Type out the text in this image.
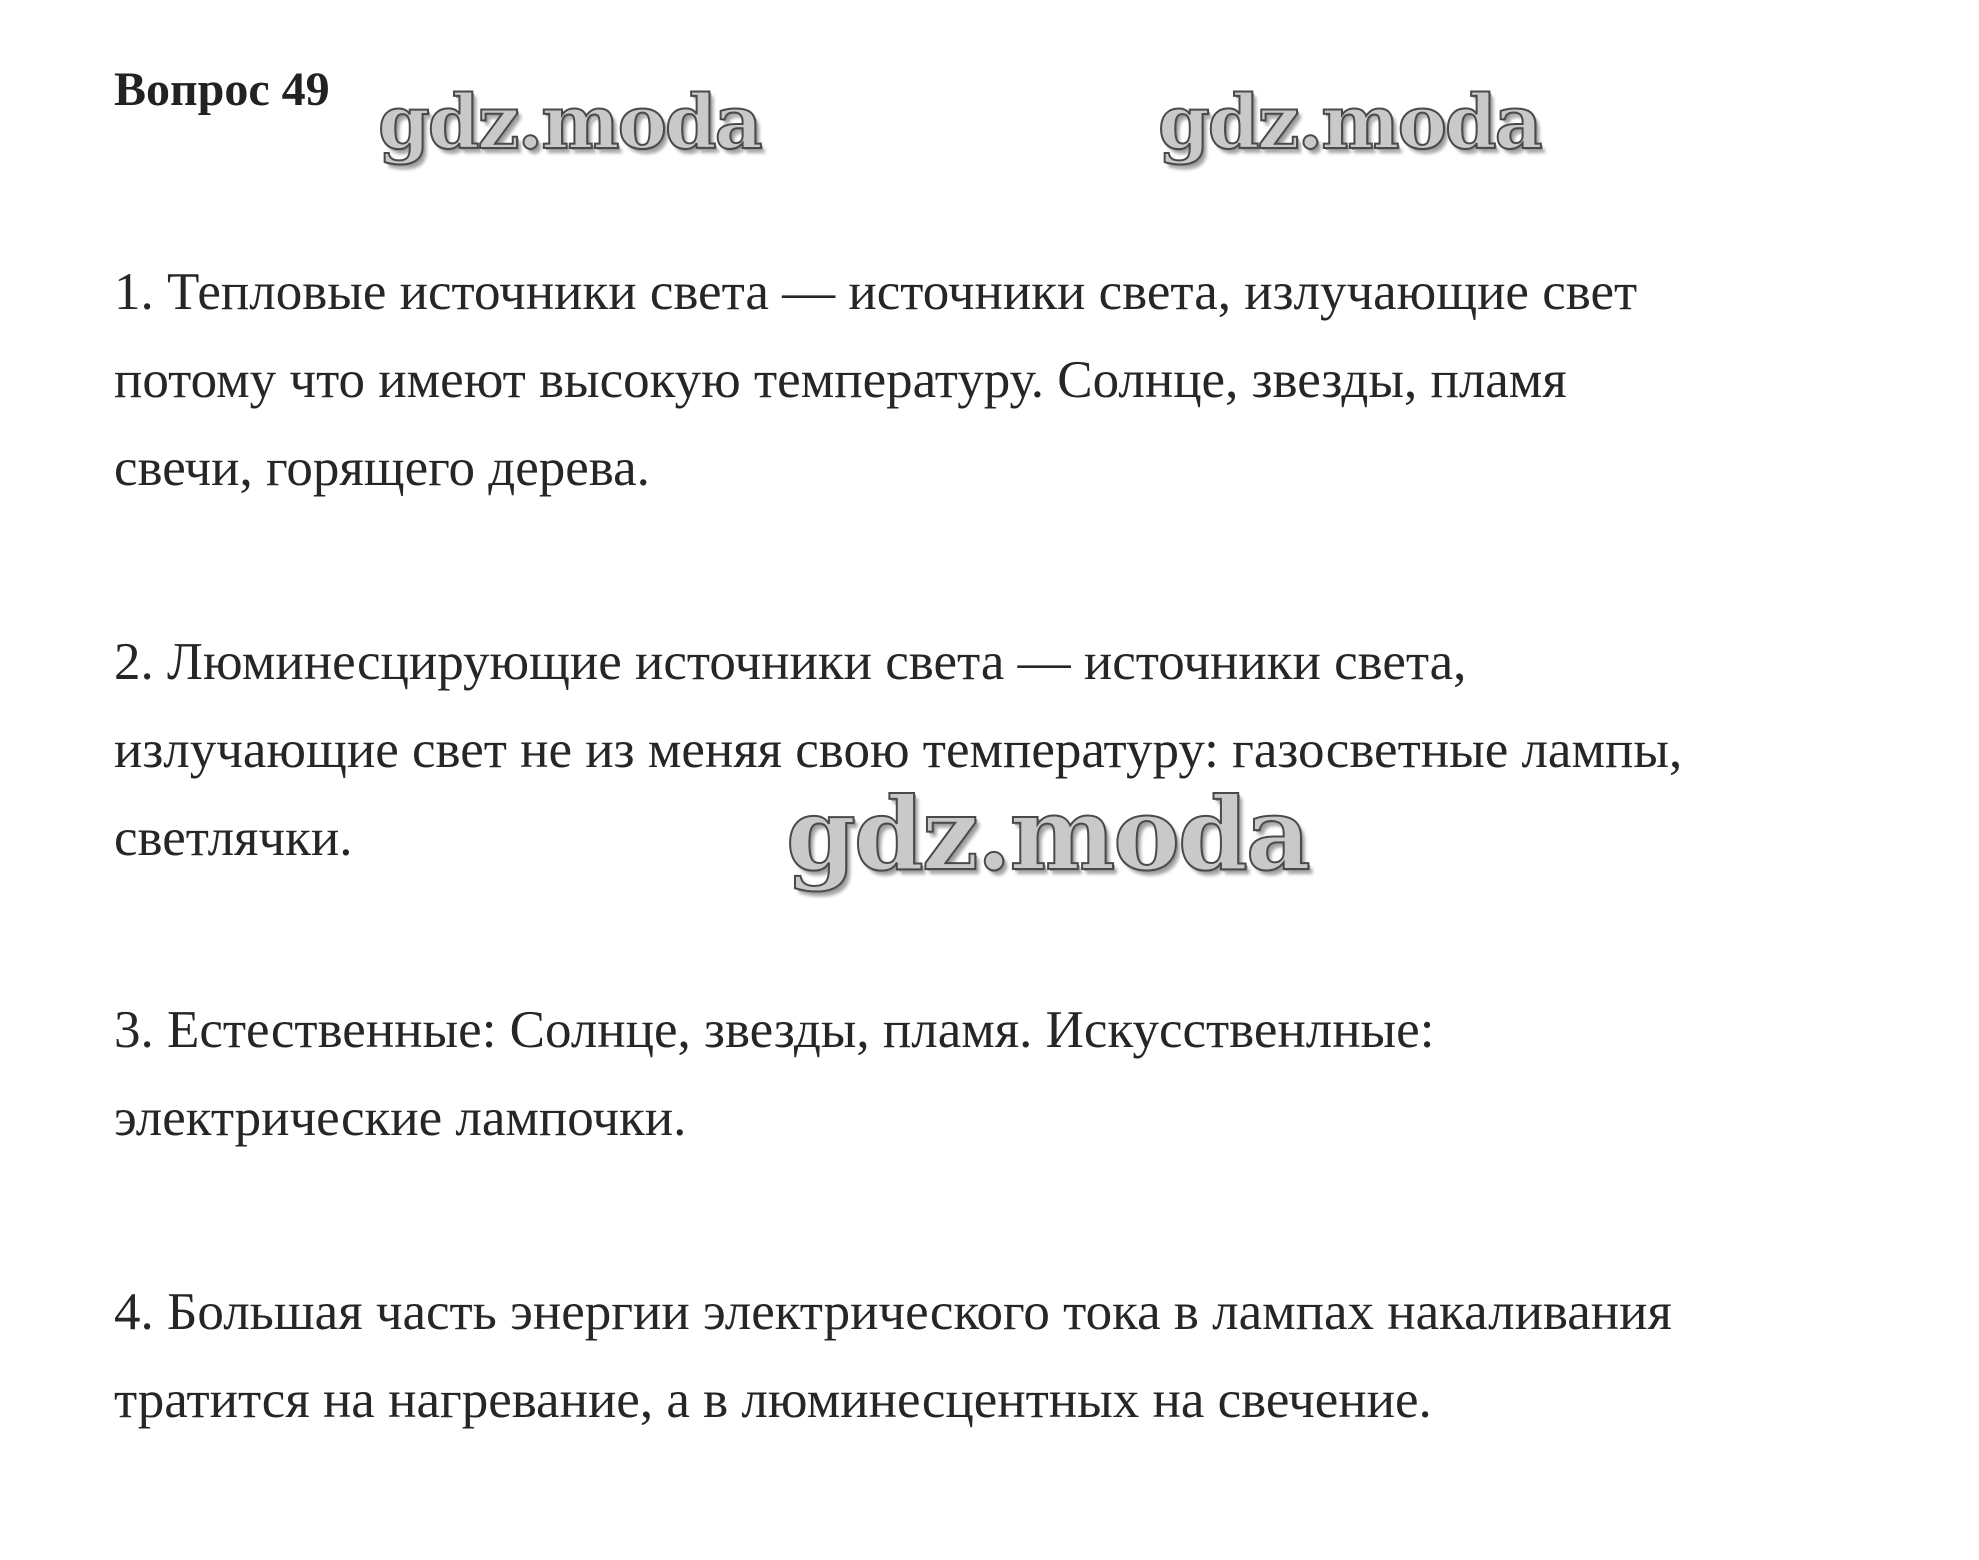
Вопрос 49

1. Тепловые источники света — источники света, излучающие свет
потому что имеют высокую температуру. Солнце, звезды, пламя
свечи, горящего дерева.

2. Люминесцирующие источники света — источники света,
излучающие свет не из меняя свою температуру: газосветные лампы,
светлячки.

3. Естественные: Солнце, звезды, пламя. Искусственлные:
электрические лампочки.

4. Большая часть энергии электрического тока в лампах накаливания
тратится на нагревание, а в люминесцентных на свечение.

gdz.moda	gdz.moda
gdz.moda
